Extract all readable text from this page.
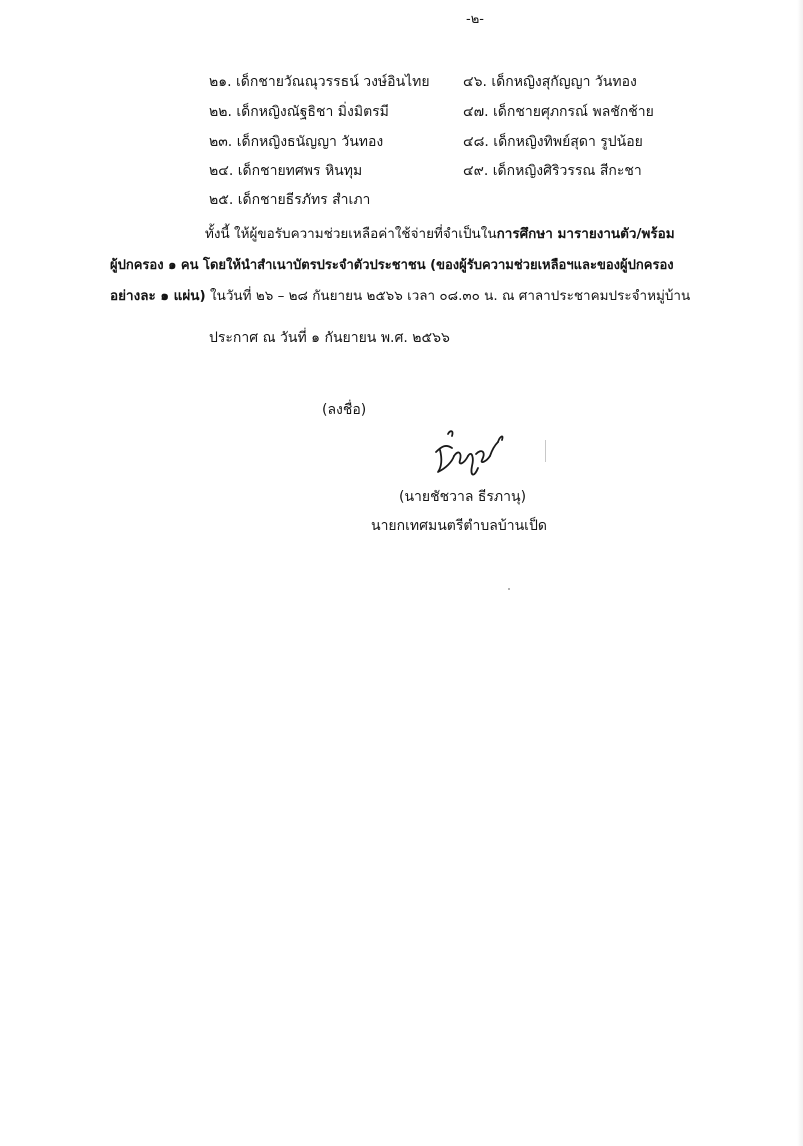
-๒-
๒๑. เด็กชายวัณณุวรรธน์ วงษ์อินไทย
๒๒. เด็กหญิงณัฐธิชา มิ่งมิตรมี
๒๓. เด็กหญิงธนัญญา วันทอง
๒๔. เด็กชายทศพร หินทุม
๒๕. เด็กชายธีรภัทร สำเภา
๔๖. เด็กหญิงสุกัญญา วันทอง
๔๗. เด็กชายศุภกรณ์ พลชักช้าย
๔๘. เด็กหญิงทิพย์สุดา รูปน้อย
๔๙. เด็กหญิงศิริวรรณ สีกะชา
ทั้งนี้ ให้ผู้ขอรับความช่วยเหลือค่าใช้จ่ายที่จำเป็นในการศึกษา มารายงานตัว/พร้อม
ผู้ปกครอง ๑ คน โดยให้นำสำเนาบัตรประจำตัวประชาชน (ของผู้รับความช่วยเหลือฯและของผู้ปกครอง
อย่างละ ๑ แผ่น) ในวันที่ ๒๖ – ๒๘ กันยายน ๒๕๖๖ เวลา ๐๘.๓๐ น. ณ ศาลาประชาคมประจำหมู่บ้าน
ประกาศ ณ วันที่ ๑ กันยายน พ.ศ. ๒๕๖๖
(ลงชื่อ)
(นายชัชวาล ธีรภานุ)
นายกเทศมนตรีตำบลบ้านเป็ด
